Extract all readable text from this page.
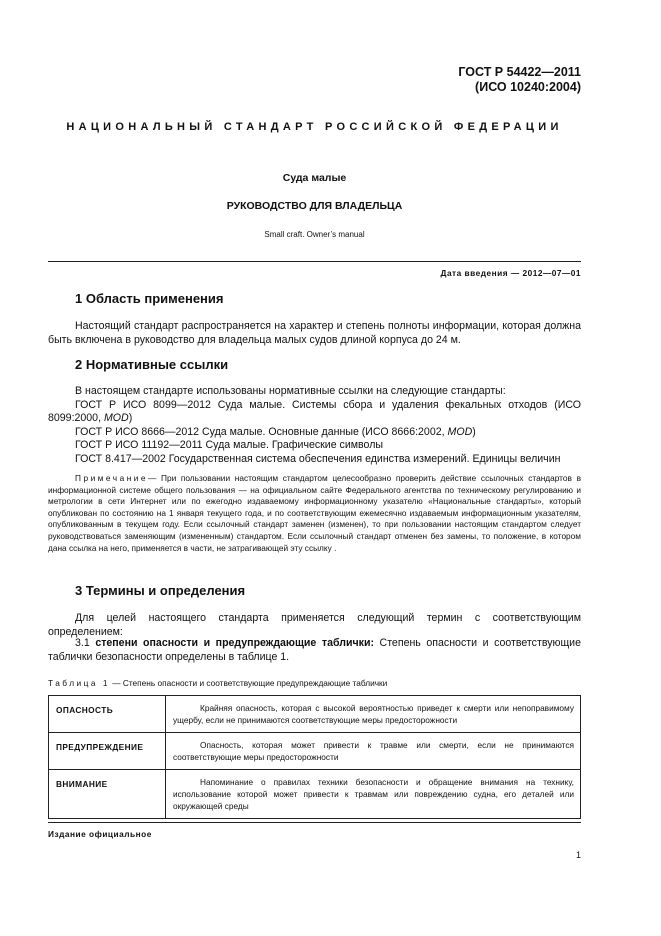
ГОСТ Р 54422—2011
(ИСО 10240:2004)
НАЦИОНАЛЬНЫЙ СТАНДАРТ РОССИЙСКОЙ ФЕДЕРАЦИИ
Суда малые
РУКОВОДСТВО ДЛЯ ВЛАДЕЛЬЦА
Small craft. Owner’s manual
Дата введения — 2012—07—01
1 Область применения
Настоящий стандарт распространяется на характер и степень полноты информации, которая должна быть включена в руководство для владельца малых судов длиной корпуса до 24 м.
2 Нормативные ссылки
В настоящем стандарте использованы нормативные ссылки на следующие стандарты:
ГОСТ Р ИСО 8099—2012 Суда малые. Системы сбора и удаления фекальных отходов (ИСО 8099:2000, MOD)
ГОСТ Р ИСО 8666—2012 Суда малые. Основные данные (ИСО 8666:2002, MOD)
ГОСТ Р ИСО 11192—2011 Суда малые. Графические символы
ГОСТ 8.417—2002 Государственная система обеспечения единства измерений. Единицы величин
Примечание— При пользовании настоящим стандартом целесообразно проверить действие ссылочных стандартов в информационной системе общего пользования — на официальном сайте Федерального агентства по техническому регулированию и метрологии в сети Интернет или по ежегодно издаваемому информационному указателю «Национальные стандарты», который опубликован по состоянию на 1 января текущего года, и по соответствующим ежемесячно издаваемым информационным указателям, опубликованным в текущем году. Если ссылочный стандарт заменен (изменен), то при пользовании настоящим стандартом следует руководствоваться заменяющим (измененным) стандартом. Если ссылочный стандарт отменен без замены, то положение, в котором дана ссылка на него, применяется в части, не затрагивающей эту ссылку .
3 Термины и определения
Для целей настоящего стандарта применяется следующий термин с соответствующим определением:
3.1 степени опасности и предупреждающие таблички: Степень опасности и соответствующие таблички безопасности определены в таблице 1.
Таблица 1 — Степень опасности и соответствующие предупреждающие таблички
ОПАСНОСТЬ	Крайняя опасность, которая с высокой вероятностью приведет к смерти или непоправимому ущербу, если не принимаются соответствующие меры предосторожности
ПРЕДУПРЕЖДЕНИЕ	Опасность, которая может привести к травме или смерти, если не принимаются соответствующие меры предосторожности
ВНИМАНИЕ	Напоминание о правилах техники безопасности и обращение внимания на технику, использование которой может привести к травмам или повреждению судна, его деталей или окружающей среды
Издание официальное
1
